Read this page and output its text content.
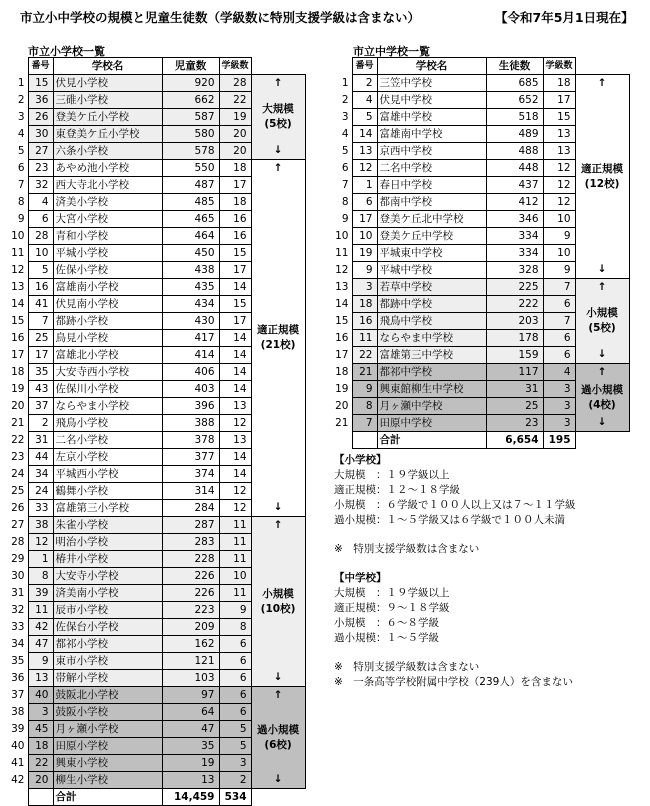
市立小中学校の規模と児童生徒数（学級数に特別支援学級は含まない）	【令和7年5月1日現在】
市立小学校一覧
	番号	学校名	児童数	学級数	
1	15	伏見小学校	920	28	↑
大規模
(5校)
↓

2	36	三碓小学校	662	22	
3	26	登美ケ丘小学校	587	19	
4	30	東登美ケ丘小学校	580	20	
5	27	六条小学校	578	20	
6	23	あやめ池小学校	550	18	↑
適正規模
(21校)
↓

7	32	西大寺北小学校	487	17	
8	4	済美小学校	485	18	
9	6	大宮小学校	465	16	
10	28	青和小学校	464	16	
11	10	平城小学校	450	15	
12	5	佐保小学校	438	17	
13	16	富雄南小学校	435	14	
14	41	伏見南小学校	434	15	
15	7	都跡小学校	430	17	
16	25	鳥見小学校	417	14	
17	17	富雄北小学校	414	14	
18	35	大安寺西小学校	406	14	
19	43	佐保川小学校	403	14	
20	37	ならやま小学校	396	13	
21	2	飛鳥小学校	388	12	
22	31	二名小学校	378	13	
23	44	左京小学校	377	14	
24	34	平城西小学校	374	14	
25	24	鶴舞小学校	314	12	
26	33	富雄第三小学校	284	12	
27	38	朱雀小学校	287	11	↑
小規模
(10校)
↓

28	12	明治小学校	283	11	
29	1	椿井小学校	228	11	
30	8	大安寺小学校	226	10	
31	39	済美南小学校	226	11	
32	11	辰市小学校	223	9	
33	42	佐保台小学校	209	8	
34	47	都祁小学校	162	6	
35	9	東市小学校	121	6	
36	13	帯解小学校	103	6	
37	40	鼓阪北小学校	97	6	↑
過小規模
(6校)
↓

38	3	鼓阪小学校	64	6	
39	45	月ヶ瀬小学校	47	5	
40	18	田原小学校	35	5	
41	22	興東小学校	19	3	
42	20	柳生小学校	13	2	
		合計	14,459	534	
市立中学校一覧
	番号	学校名	生徒数	学級数	
1	2	三笠中学校	685	18	↑
適正規模
(12校)
↓

2	4	伏見中学校	652	17	
3	5	富雄中学校	518	15	
4	14	富雄南中学校	489	13	
5	13	京西中学校	488	13	
6	12	二名中学校	448	12	
7	1	春日中学校	437	12	
8	6	都南中学校	412	12	
9	17	登美ケ丘北中学校	346	10	
10	10	登美ケ丘中学校	334	9	
11	19	平城東中学校	334	10	
12	9	平城中学校	328	9	
13	3	若草中学校	225	7	↑
小規模
(5校)
↓

14	18	都跡中学校	222	6	
15	16	飛鳥中学校	203	7	
16	11	ならやま中学校	178	6	
17	22	富雄第三中学校	159	6	
18	21	都祁中学校	117	4	↑
過小規模
(4校)
↓

19	9	興東館柳生中学校	31	3	
20	8	月ヶ瀬中学校	25	3	
21	7	田原中学校	23	3	
		合計	6,654	195	
【小学校】
大規模　：１９学級以上
適正規模：１２～１８学級
小規模　：６学級で１００人以上又は７～１１学級
過小規模：１～５学級又は６学級で１００人未満
※　特別支援学級数は含まない
【中学校】
大規模　：１９学級以上
適正規模：９～１８学級
小規模　：６～８学級
過小規模：１～５学級
※　特別支援学級数は含まない
※　一条高等学校附属中学校（239人）を含まない
